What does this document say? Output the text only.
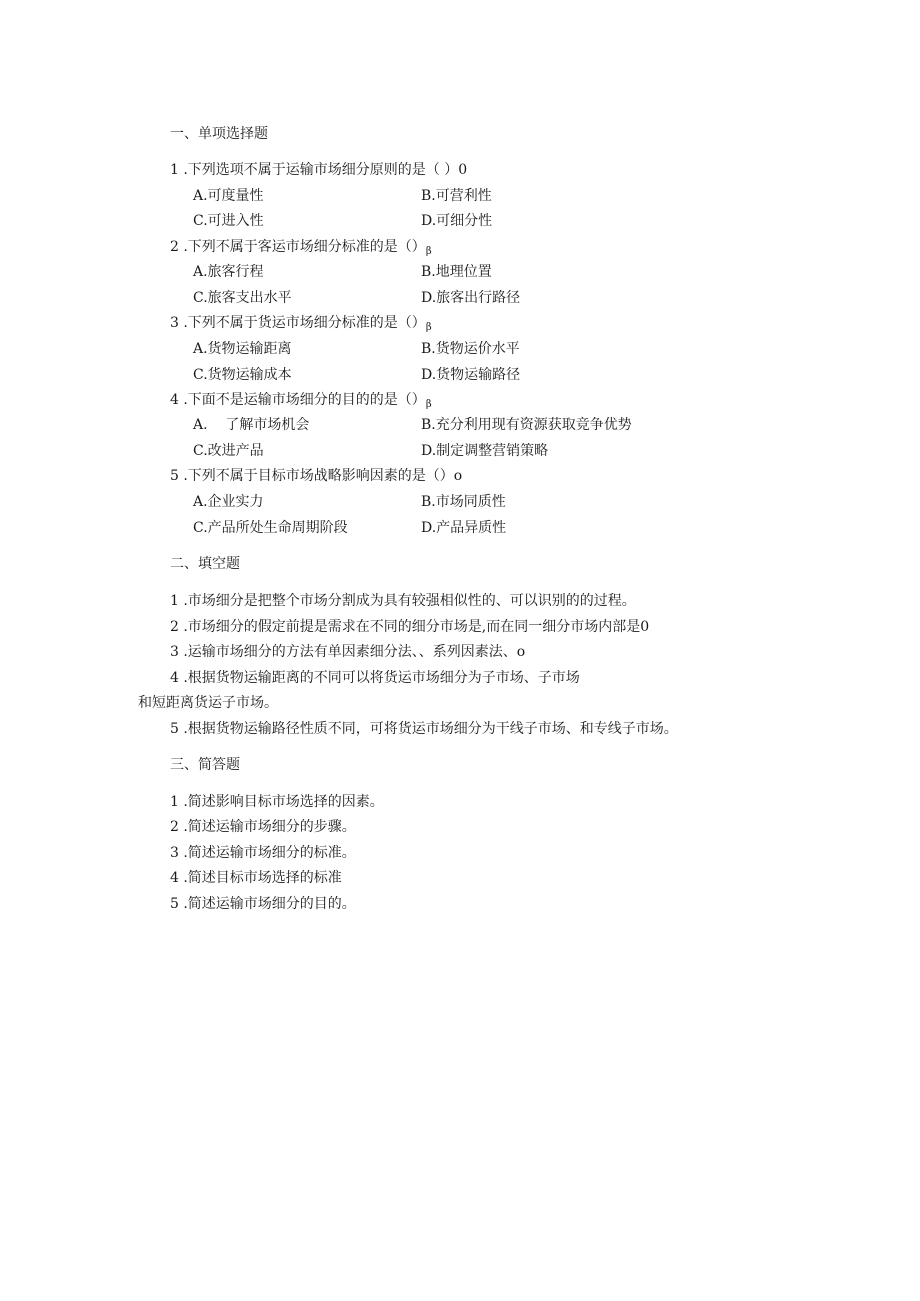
一、单项选择题
1 .下列选项不属于运输市场细分原则的是（ ）0
A.可度量性	B.可营利性
C.可进入性	D.可细分性
2 .下列不属于客运市场细分标准的是$()_\beta$
A.旅客行程	B.地理位置
C.旅客支出水平	D.旅客出行路径
3 .下列不属于货运市场细分标准的是$()_\beta$
A.货物运输距离	B.货物运价水平
C.货物运输成本	D.货物运输路径
4 .下面不是运输市场细分的目的的是$()_\beta$
A.    了解市场机会	B.充分利用现有资源获取竞争优势
C.改进产品	D.制定调整营销策略
5 .下列不属于目标市场战略影响因素的是（）o
A.企业实力	B.市场同质性
C.产品所处生命周期阶段	D.产品异质性
二、填空题
1 .市场细分是把整个市场分割成为具有较强相似性的、可以识别的的过程。
2 .市场细分的假定前提是需求在不同的细分市场是,而在同一细分市场内部是0
3 .运输市场细分的方法有单因素细分法、、系列因素法、o
4 .根据货物运输距离的不同可以将货运市场细分为子市场、子市场
和短距离货运子市场。
5 .根据货物运输路径性质不同，可将货运市场细分为干线子市场、和专线子市场。
三、简答题
1 .简述影响目标市场选择的因素。
2 .简述运输市场细分的步骤。
3 .简述运输市场细分的标准。
4 .简述目标市场选择的标准
5 .简述运输市场细分的目的。
